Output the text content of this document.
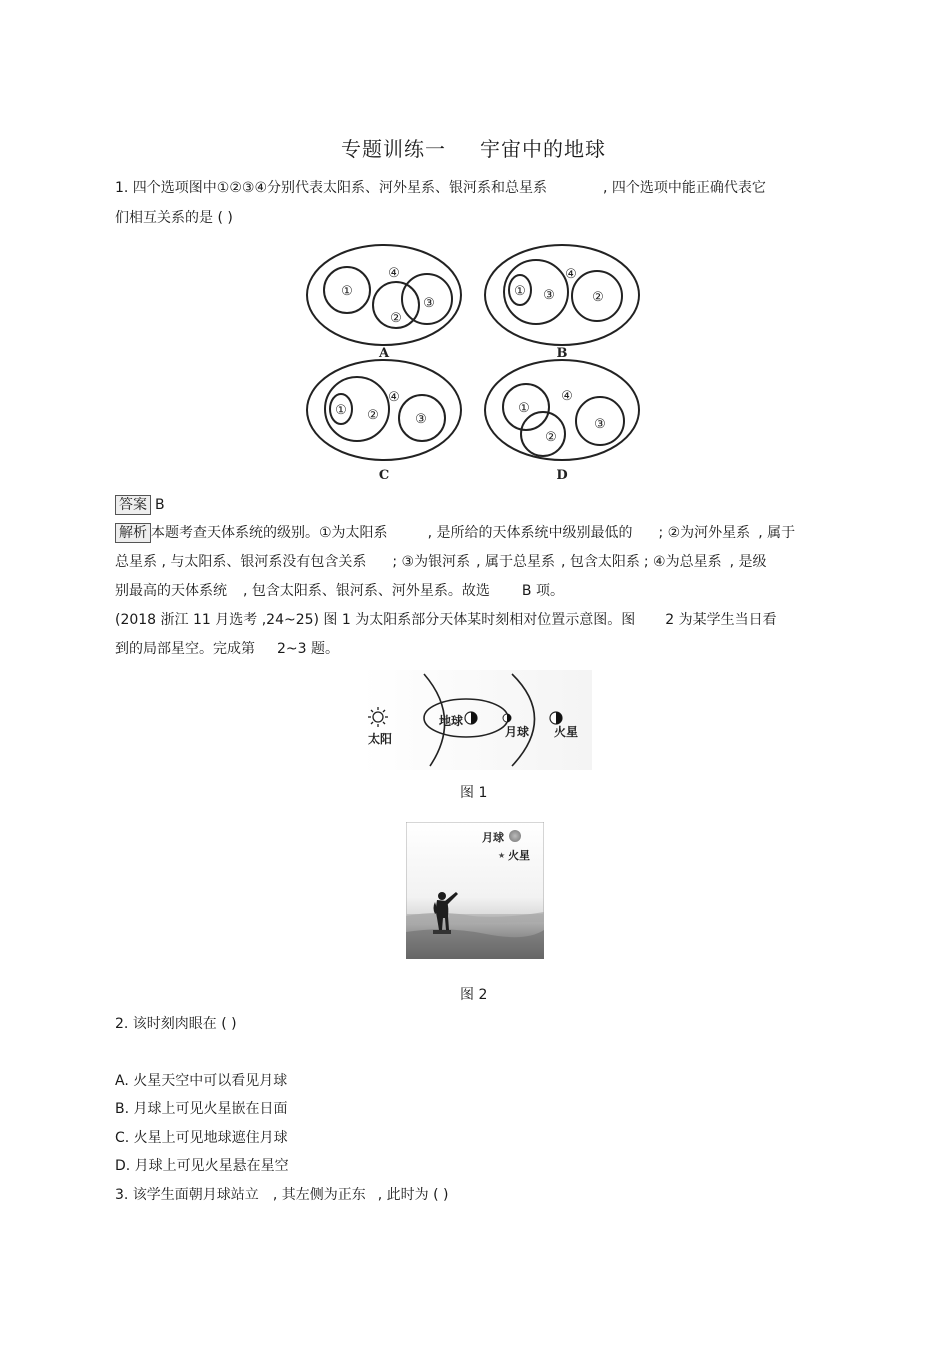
专题训练一 宇宙中的地球
1. 四个选项图中①②③④分别代表太阳系、河外星系、银河系和总星系	, 四个选项中能正确代表它
们相互关系的是 ( )
①
②
③
④
①	②
③
④
① ②	③
④
①
②
③
④
A	B
C	D
答案 B
解析 本题考查天体系统的级别。①为太阳系	, 是所给的天体系统中级别最低的 ; ②为河外星系 , 属于
总星系 , 与太阳系、银河系没有包含关系 ; ③为银河系 , 属于总星系 , 包含太阳系 ; ④为总星系 , 是级
别最高的天体系统 , 包含太阳系、银河系、河外星系。故选 B 项。
(2018 浙江 11 月选考 ,24~25) 图 1 为太阳系部分天体某时刻相对位置示意图。图 2 为某学生当日看
到的局部星空。完成第 2~3 题。
太阳
地球
月球 火星
图 1
月球
★ 火星
图 2
2. 该时刻肉眼在 ( )
A. 火星天空中可以看见月球
B. 月球上可见火星嵌在日面
C. 火星上可见地球遮住月球
D. 月球上可见火星悬在星空
3. 该学生面朝月球站立 , 其左侧为正东 , 此时为 ( )
